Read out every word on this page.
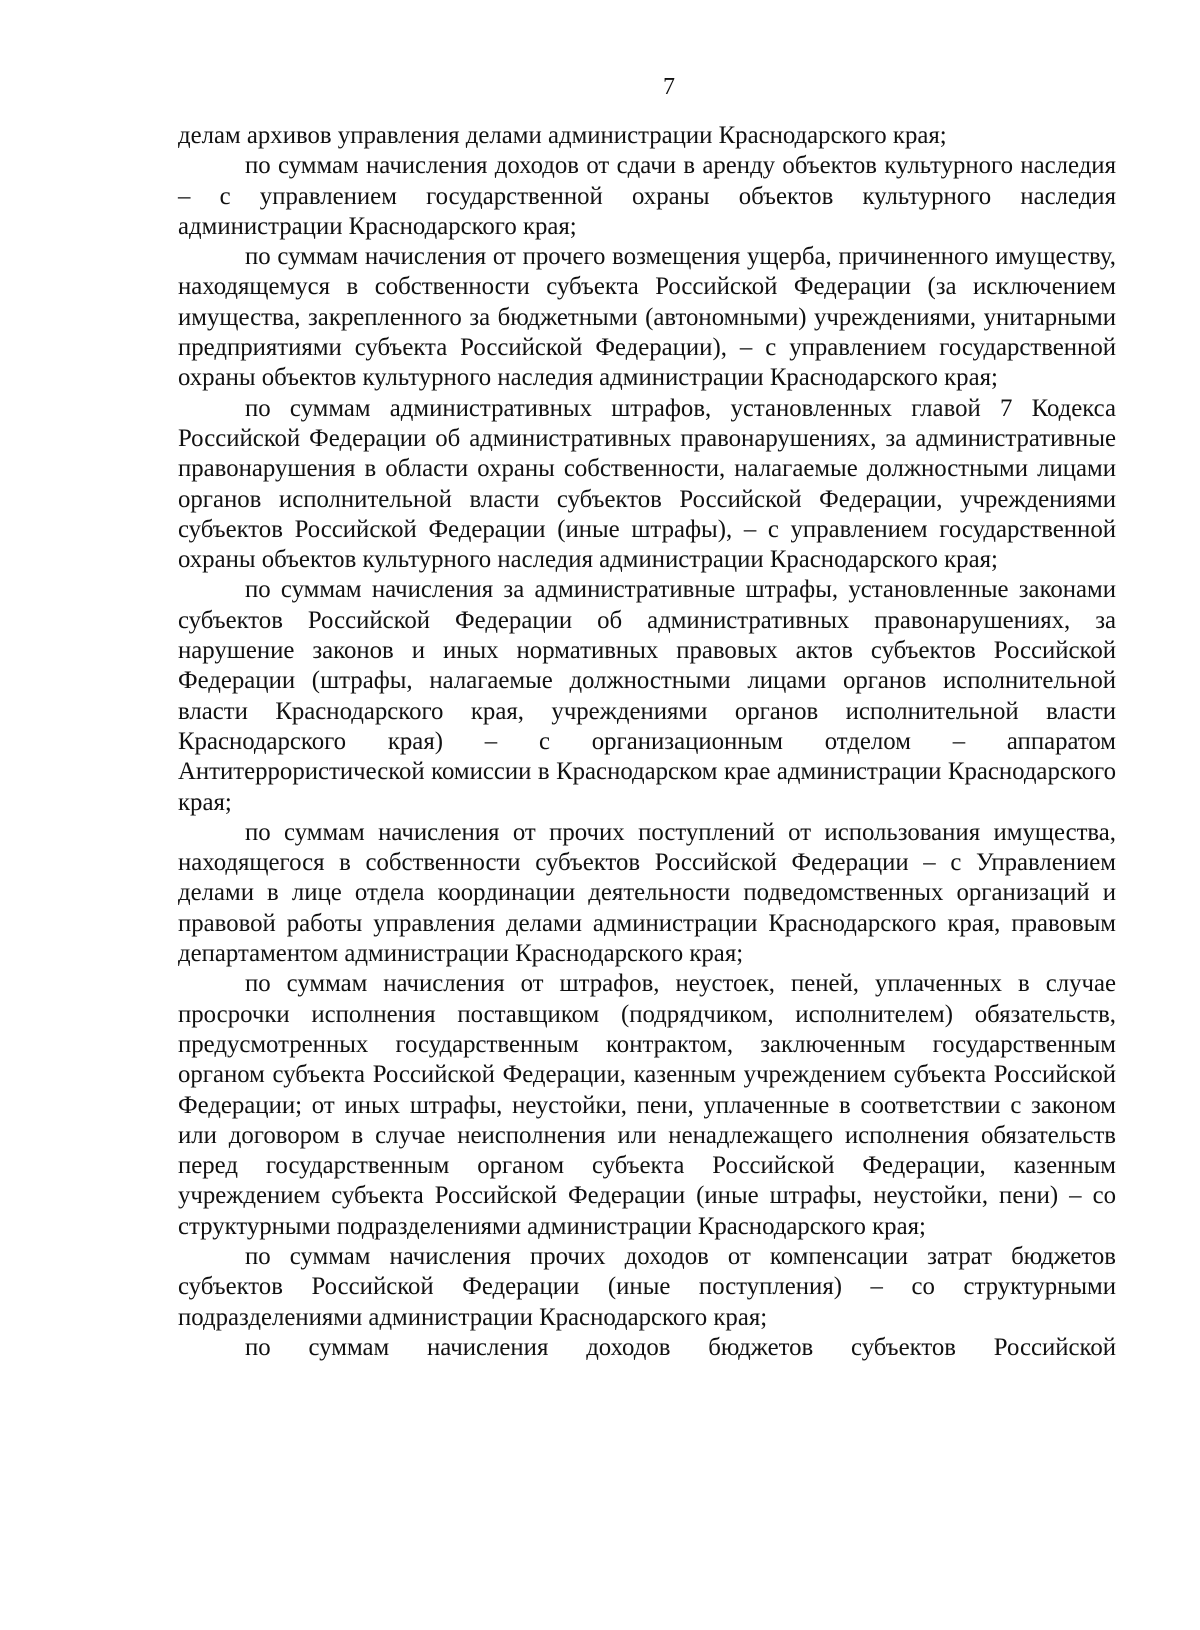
7

делам архивов управления делами администрации Краснодарского края;

по суммам начисления доходов от сдачи в аренду объектов культурного наследия – с управлением государственной охраны объектов культурного наследия администрации Краснодарского края;

по суммам начисления от прочего возмещения ущерба, причиненного имуществу, находящемуся в собственности субъекта Российской Федерации (за исключением имущества, закрепленного за бюджетными (автономными) учреждениями, унитарными предприятиями субъекта Российской Федерации), – с управлением государственной охраны объектов культурного наследия администрации Краснодарского края;

по суммам административных штрафов, установленных главой 7 Кодекса Российской Федерации об административных правонарушениях, за административные правонарушения в области охраны собственности, налагаемые должностными лицами органов исполнительной власти субъектов Российской Федерации, учреждениями субъектов Российской Федерации (иные штрафы), – с управлением государственной охраны объектов культурного наследия администрации Краснодарского края;

по суммам начисления за административные штрафы, установленные законами субъектов Российской Федерации об административных правонарушениях, за нарушение законов и иных нормативных правовых актов субъектов Российской Федерации (штрафы, налагаемые должностными лицами органов исполнительной власти Краснодарского края, учреждениями органов исполнительной власти Краснодарского края) – с организационным отделом – аппаратом Антитеррористической комиссии в Краснодарском крае администрации Краснодарского края;

по суммам начисления от прочих поступлений от использования имущества, находящегося в собственности субъектов Российской Федерации – с Управлением делами в лице отдела координации деятельности подведомственных организаций и правовой работы управления делами администрации Краснодарского края, правовым департаментом администрации Краснодарского края;

по суммам начисления от штрафов, неустоек, пеней, уплаченных в случае просрочки исполнения поставщиком (подрядчиком, исполнителем) обязательств, предусмотренных государственным контрактом, заключенным государственным органом субъекта Российской Федерации, казенным учреждением субъекта Российской Федерации; от иных штрафы, неустойки, пени, уплаченные в соответствии с законом или договором в случае неисполнения или ненадлежащего исполнения обязательств перед государственным органом субъекта Российской Федерации, казенным учреждением субъекта Российской Федерации (иные штрафы, неустойки, пени) – со структурными подразделениями администрации Краснодарского края;

по суммам начисления прочих доходов от компенсации затрат бюджетов субъектов Российской Федерации (иные поступления) – со структурными подразделениями администрации Краснодарского края;

по суммам начисления доходов бюджетов субъектов Российской
